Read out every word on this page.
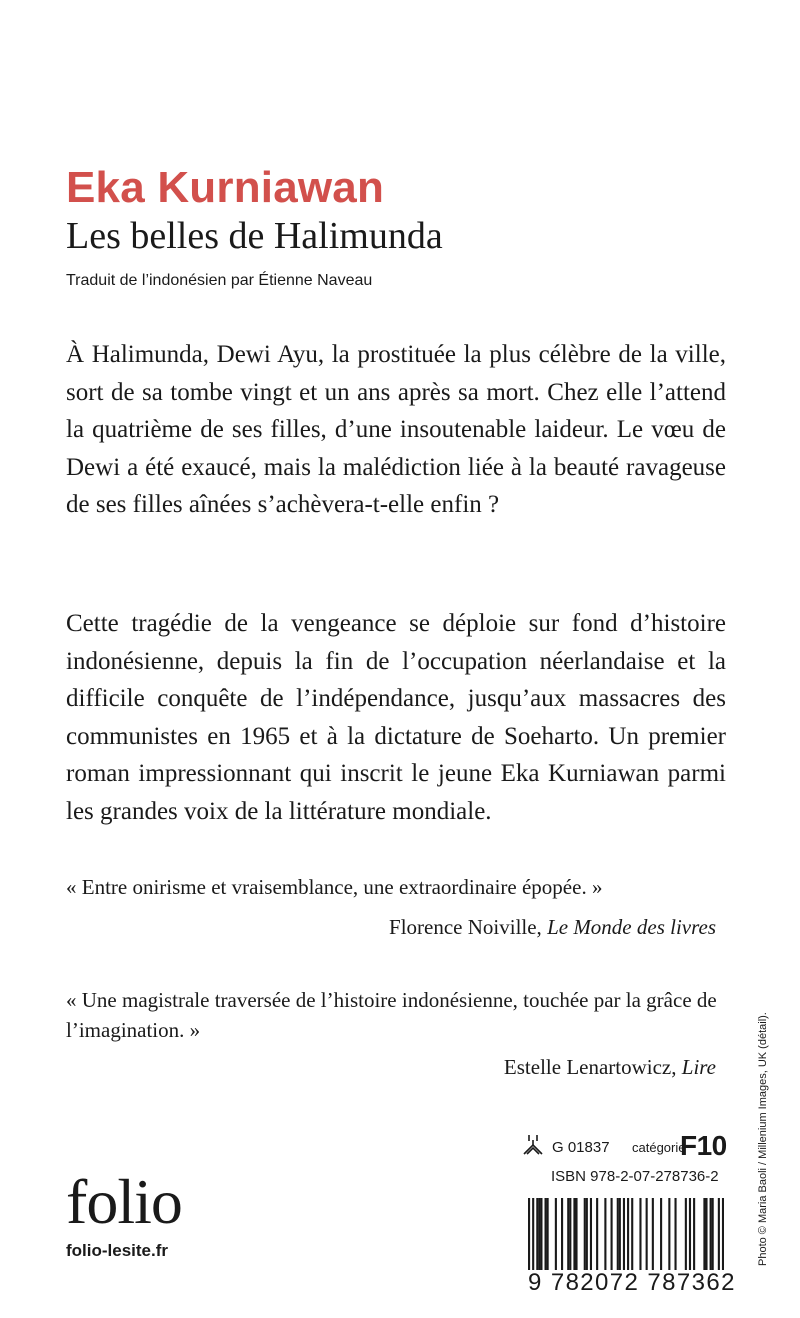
Eka Kurniawan
Les belles de Halimunda
Traduit de l’indonésien par Étienne Naveau

À Halimunda, Dewi Ayu, la prostituée la plus célèbre de la ville, sort de sa tombe vingt et un ans après sa mort. Chez elle l’attend la quatrième de ses filles, d’une insoutenable laideur. Le vœu de Dewi a été exaucé, mais la malédiction liée à la beauté ravageuse de ses filles aînées s’achèvera-t-elle enfin ?

Cette tragédie de la vengeance se déploie sur fond d’histoire indonésienne, depuis la fin de l’occupation néerlandaise et la difficile conquête de l’indépendance, jusqu’aux massacres des communistes en 1965 et à la dictature de Soeharto. Un premier roman impressionnant qui inscrit le jeune Eka Kurniawan parmi les grandes voix de la littérature mondiale.

« Entre onirisme et vraisemblance, une extraordinaire épopée. »

Florence Noiville, Le Monde des livres

« Une magistrale traversée de l’histoire indonésienne, touchée par la grâce de l’imagination. »

Estelle Lenartowicz, Lire
folio
folio-lesite.fr
G 01837 catégorie
F10
ISBN 978-2-07-278736-2
9 782072 787362
Photo © Maria Baoli / Millenium Images, UK (détail).
